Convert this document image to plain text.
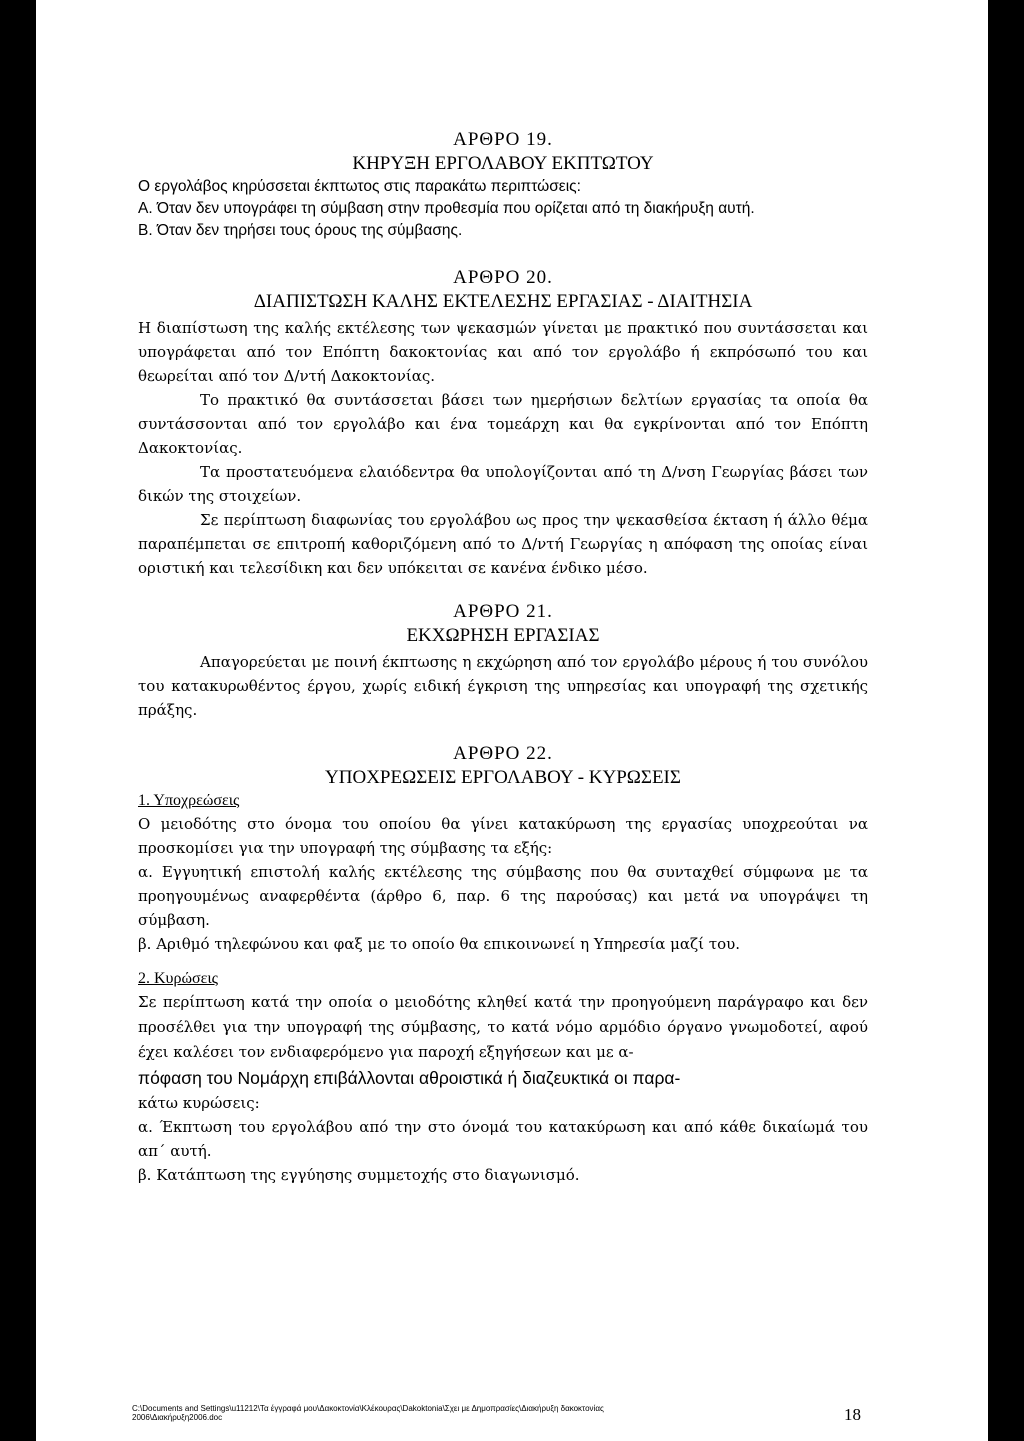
ΑΡΘΡΟ 19.

ΚΗΡΥΞΗ ΕΡΓΟΛΑΒΟΥ ΕΚΠΤΩΤΟΥ

Ο εργολάβος κηρύσσεται έκπτωτος στις παρακάτω περιπτώσεις:

Α. Όταν δεν υπογράφει τη σύμβαση στην προθεσμία που ορίζεται από τη διακήρυξη αυτή.

Β. Όταν δεν τηρήσει τους όρους της σύμβασης.

ΑΡΘΡΟ 20.

ΔΙΑΠΙΣΤΩΣΗ ΚΑΛΗΣ ΕΚΤΕΛΕΣΗΣ ΕΡΓΑΣΙΑΣ - ΔΙΑΙΤΗΣΙΑ

Η διαπίστωση της καλής εκτέλεσης των ψεκασμών γίνεται με πρακτικό που συντάσσεται και υπογράφεται από τον Επόπτη δακοκτονίας και από τον εργολάβο ή εκπρόσωπό του και θεωρείται από τον Δ/ντή Δακοκτονίας.

Το πρακτικό θα συντάσσεται βάσει των ημερήσιων δελτίων εργασίας τα οποία θα συντάσσονται από τον εργολάβο και ένα τομεάρχη και θα εγκρίνονται από τον Επόπτη Δακοκτονίας.

Τα προστατευόμενα ελαιόδεντρα θα υπολογίζονται από τη Δ/νση Γεωργίας βάσει των δικών της στοιχείων.

Σε περίπτωση διαφωνίας του εργολάβου ως προς την ψεκασθείσα έκταση ή άλλο θέμα παραπέμπεται σε επιτροπή καθοριζόμενη από το Δ/ντή Γεωργίας η απόφαση της οποίας είναι οριστική και τελεσίδικη και δεν υπόκειται σε κανένα ένδικο μέσο.

ΑΡΘΡΟ 21.

ΕΚΧΩΡΗΣΗ ΕΡΓΑΣΙΑΣ

Απαγορεύεται με ποινή έκπτωσης η εκχώρηση από τον εργολάβο μέρους ή του συνόλου του κατακυρωθέντος έργου, χωρίς ειδική έγκριση της υπηρεσίας και υπογραφή της σχετικής πράξης.

ΑΡΘΡΟ 22.

ΥΠΟΧΡΕΩΣΕΙΣ ΕΡΓΟΛΑΒΟΥ - ΚΥΡΩΣΕΙΣ

1. Υποχρεώσεις

Ο μειοδότης στο όνομα του οποίου θα γίνει κατακύρωση της εργασίας υποχρεούται να προσκομίσει για την υπογραφή της σύμβασης τα εξής:

α. Εγγυητική επιστολή καλής εκτέλεσης της σύμβασης που θα συνταχθεί σύμφωνα με τα προηγουμένως αναφερθέντα (άρθρο 6, παρ. 6 της παρούσας) και μετά να υπογράψει τη σύμβαση.

β. Αριθμό τηλεφώνου και φαξ με το οποίο θα επικοινωνεί η Υπηρεσία μαζί του.

2. Κυρώσεις

Σε περίπτωση κατά την οποία ο μειοδότης κληθεί κατά την προηγούμενη παράγραφο και δεν προσέλθει για την υπογραφή της σύμβασης, το κατά νόμο αρμόδιο όργανο γνωμοδοτεί, αφού έχει καλέσει τον ενδιαφερόμενο για παροχή εξηγήσεων και με α-

πόφαση του Νομάρχη επιβάλλονται αθροιστικά ή διαζευκτικά οι παρα-

κάτω κυρώσεις:

α. Έκπτωση του εργολάβου από την στο όνομά του κατακύρωση και από κάθε δικαίωμά του απ΄ αυτή.

β. Κατάπτωση της εγγύησης συμμετοχής στο διαγωνισμό.

C:\Documents and Settings\u11212\Τα έγγραφά μου\Δακοκτονία\Κλέκουρας\Dakoktonia\Σχει με Δημοπρασίες\Διακήρυξη δακοκτονίας

2006\Διακήρυξη2006.doc	18
